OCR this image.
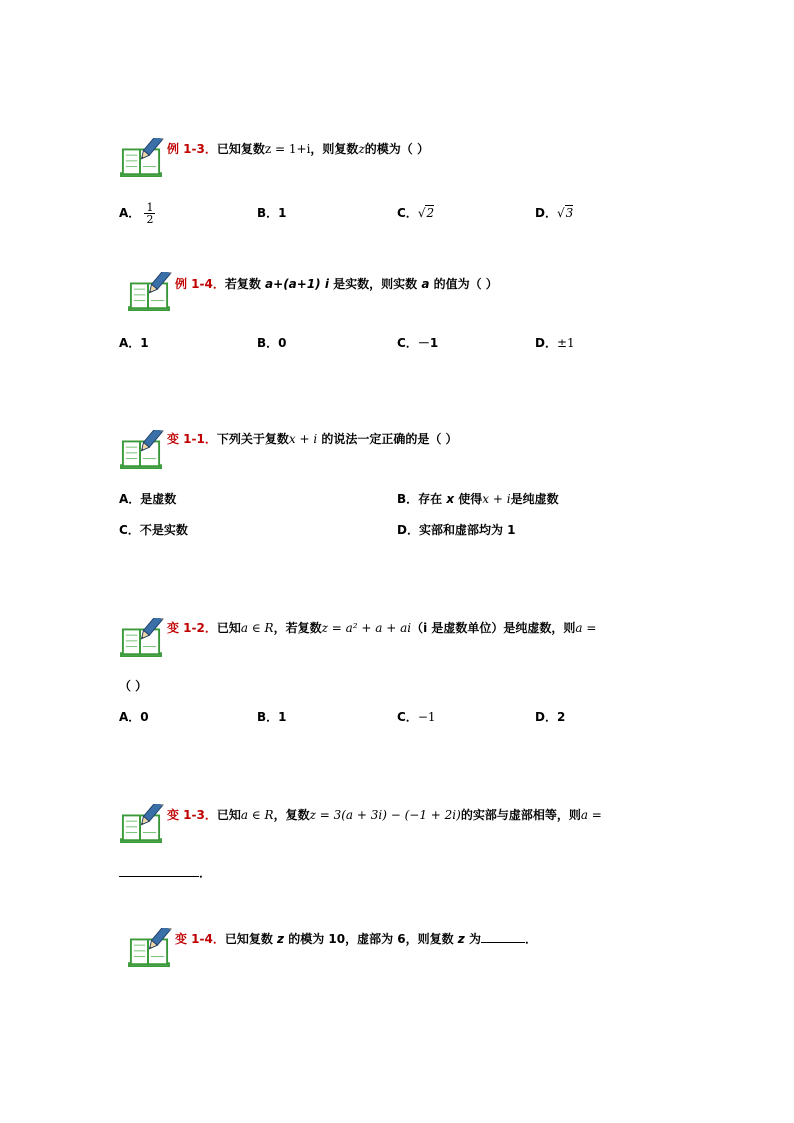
例 1-3．已知复数z = 1+i，则复数z的模为（ ）
A． $\frac{1}{2}$	B．1	C．√2	D．√3
例 1-4．若复数 a+(a+1) i 是实数，则实数 a 的值为（ ）
A．1	B．0	C．－1	D．±1
变 1-1．下列关于复数x + i 的说法一定正确的是（ ）
A．是虚数	B．存在 x 使得x + i是纯虚数
C．不是实数	D．实部和虚部均为 1
变 1-2．已知a ∈ R，若复数z = a² + a + ai（i 是虚数单位）是纯虚数，则a =
（ ）
A．0	B．1	C．−1	D．2
变 1-3．已知a ∈ R，复数z = 3(a + 3i) − (−1 + 2i)的实部与虚部相等，则a =
．
变 1-4．已知复数 z 的模为 10，虚部为 6，则复数 z 为	．
